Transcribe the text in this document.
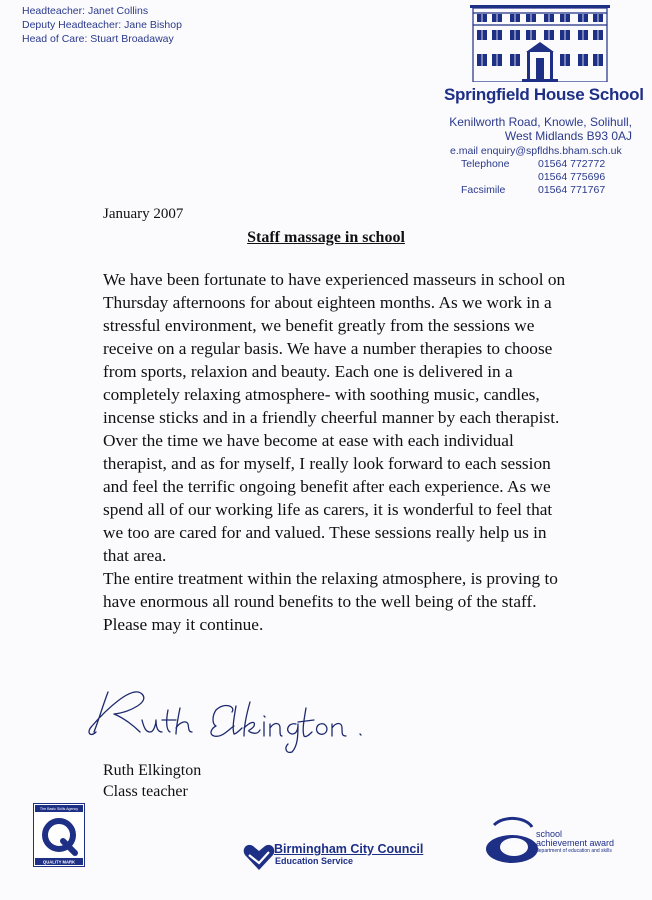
Headteacher: Janet Collins
Deputy Headteacher: Jane Bishop
Head of Care: Stuart Broadaway
Springfield House School
Kenilworth Road, Knowle, Solihull,
West Midlands B93 0AJ
e.mail enquiry@spfldhs.bham.sch.uk
Telephone	01564 772772
	01564 775696
Facsimile	01564 771767
January 2007
Staff massage in school

We have been fortunate to have experienced masseurs in school on Thursday afternoons for about eighteen months. As we work in a stressful environment, we benefit greatly from the sessions we receive on a regular basis. We have a number therapies to choose from sports, relaxion and beauty. Each one is delivered in a completely relaxing atmosphere- with soothing music, candles, incense sticks and in a friendly cheerful manner by each therapist. Over the time we have become at ease with each individual therapist, and as for myself, I really look forward to each session and feel the terrific ongoing benefit after each experience. As we spend all of our working life as carers, it is wonderful to feel that we too are cared for and valued. These sessions really help us in that area.

The entire treatment within the relaxing atmosphere, is proving to have enormous all round benefits to the well being of the staff. Please may it continue.

Ruth Elkington
Class teacher
The Basic Skills Agency
QUALITY MARK
Birmingham City Council
Education Service
2003
school
achievement award
department of education and skills
